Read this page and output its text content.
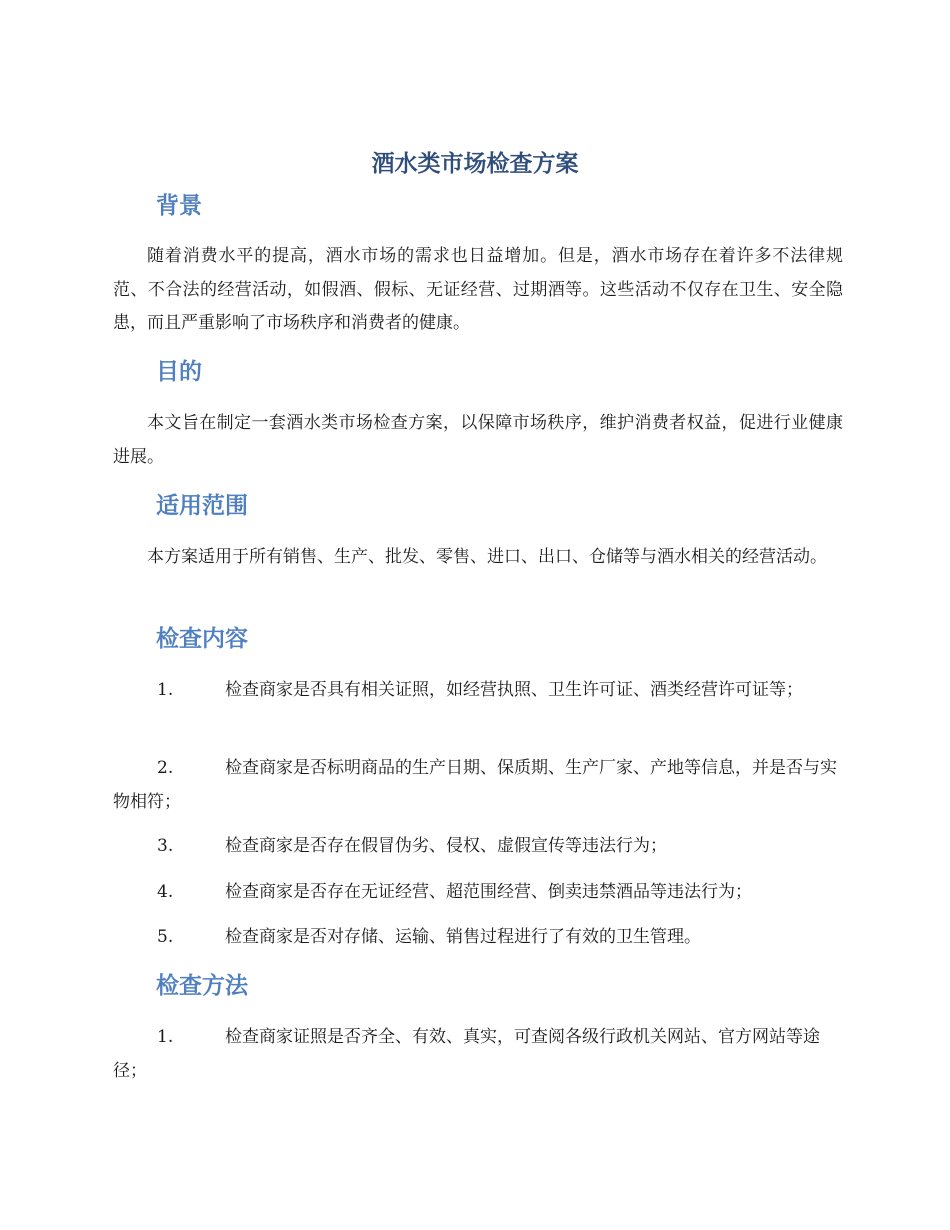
酒水类市场检查方案
背景
随着消费水平的提高，酒水市场的需求也日益增加。但是，酒水市场存在着许多不法律规范、不合法的经营活动，如假酒、假标、无证经营、过期酒等。这些活动不仅存在卫生、安全隐患，而且严重影响了市场秩序和消费者的健康。
目的
本文旨在制定一套酒水类市场检查方案，以保障市场秩序，维护消费者权益，促进行业健康进展。
适用范围
本方案适用于所有销售、生产、批发、零售、进口、出口、仓储等与酒水相关的经营活动。
检查内容
1.	检查商家是否具有相关证照，如经营执照、卫生许可证、酒类经营许可证等；
2.	检查商家是否标明商品的生产日期、保质期、生产厂家、产地等信息，并是否与实物相符；
3.	检查商家是否存在假冒伪劣、侵权、虚假宣传等违法行为；
4.	检查商家是否存在无证经营、超范围经营、倒卖违禁酒品等违法行为；
5.	检查商家是否对存储、运输、销售过程进行了有效的卫生管理。
检查方法
1.	检查商家证照是否齐全、有效、真实，可查阅各级行政机关网站、官方网站等途径；
